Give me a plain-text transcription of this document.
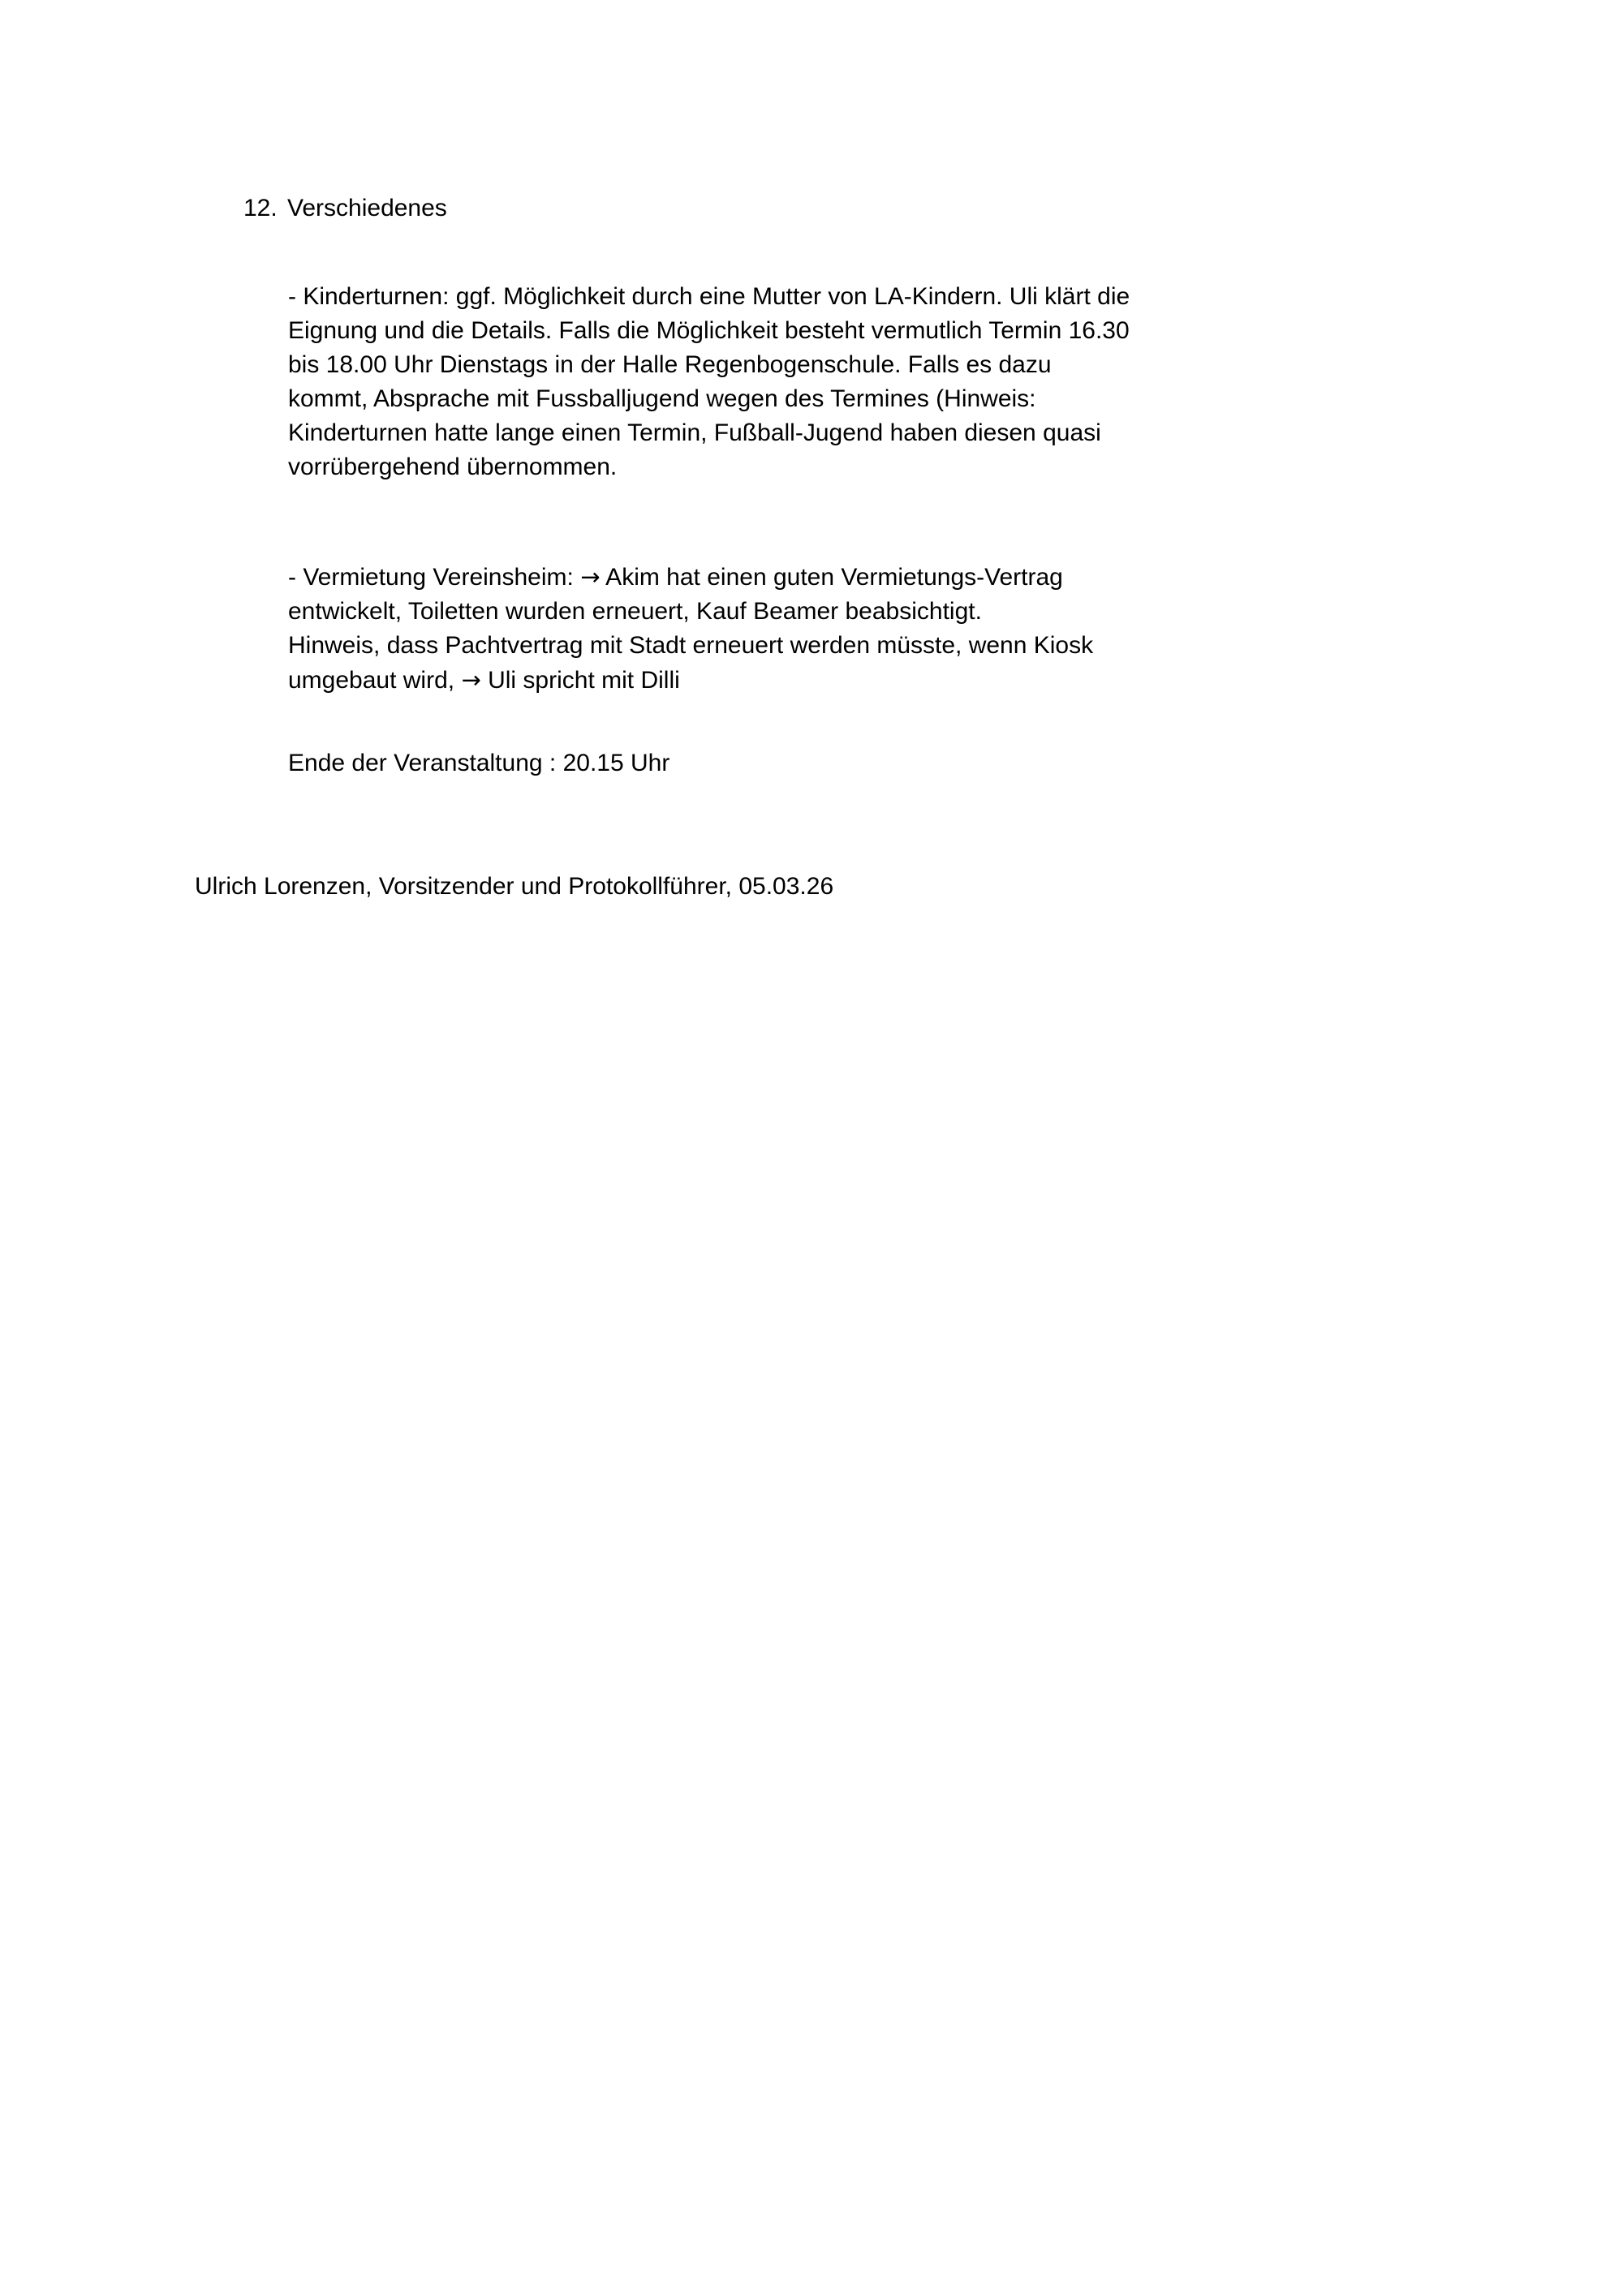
12. Verschiedenes

- Kinderturnen: ggf. Möglichkeit durch eine Mutter von LA-Kindern. Uli klärt die

Eignung und die Details. Falls die Möglichkeit besteht vermutlich Termin 16.30

bis 18.00 Uhr Dienstags in der Halle Regenbogenschule. Falls es dazu

kommt, Absprache mit Fussballjugend wegen des Termines (Hinweis:

Kinderturnen hatte lange einen Termin, Fußball-Jugend haben diesen quasi

vorrübergehend übernommen.

- Vermietung Vereinsheim: → Akim hat einen guten Vermietungs-Vertrag

entwickelt, Toiletten wurden erneuert, Kauf Beamer beabsichtigt.

Hinweis, dass Pachtvertrag mit Stadt erneuert werden müsste, wenn Kiosk

umgebaut wird, → Uli spricht mit Dilli

Ende der Veranstaltung : 20.15 Uhr

Ulrich Lorenzen, Vorsitzender und Protokollführer, 05.03.26
